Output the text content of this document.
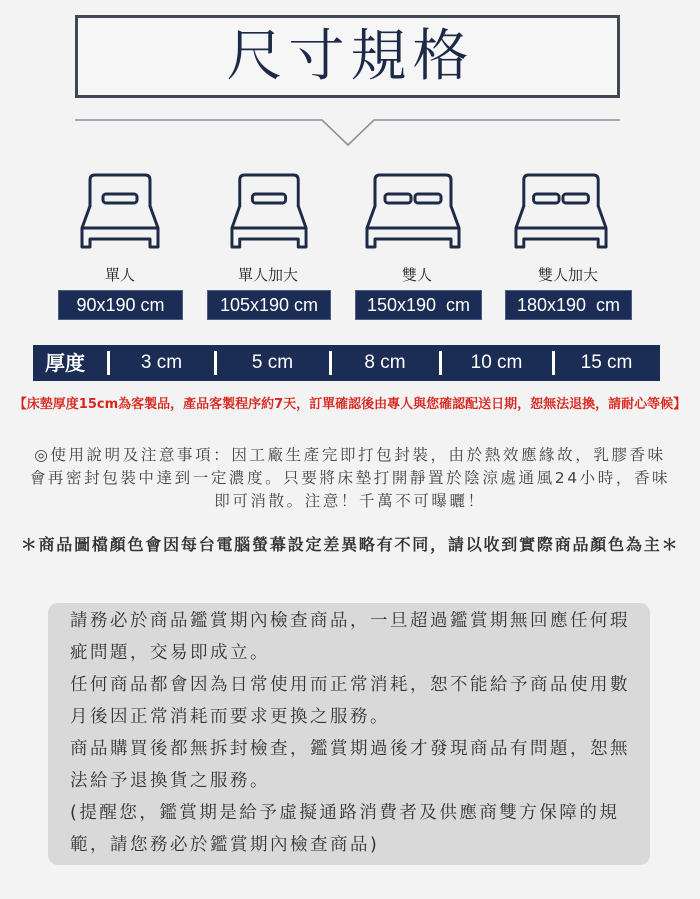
尺寸規格
單人
90x190 cm
單人加大
105x190 cm
雙人
150x190  cm
雙人加大
180x190  cm
厚度	3 cm	5 cm	8 cm	10 cm	15 cm
【床墊厚度15cm為客製品，產品客製程序約7天，訂單確認後由專人與您確認配送日期，恕無法退換，請耐心等候】
◎使用說明及注意事項：因工廠生產完即打包封裝，由於熱效應緣故，乳膠香味
會再密封包裝中達到一定濃度。只要將床墊打開靜置於陰涼處通風24小時，香味
即可消散。注意！千萬不可曝曬！
＊商品圖檔顏色會因每台電腦螢幕設定差異略有不同，請以收到實際商品顏色為主＊
請務必於商品鑑賞期內檢查商品，一旦超過鑑賞期無回應任何瑕
疵問題，交易即成立。
任何商品都會因為日常使用而正常消耗，恕不能給予商品使用數
月後因正常消耗而要求更換之服務。
商品購買後都無拆封檢查，鑑賞期過後才發現商品有問題，恕無
法給予退換貨之服務。
(提醒您，鑑賞期是給予虛擬通路消費者及供應商雙方保障的規
範，請您務必於鑑賞期內檢查商品)
